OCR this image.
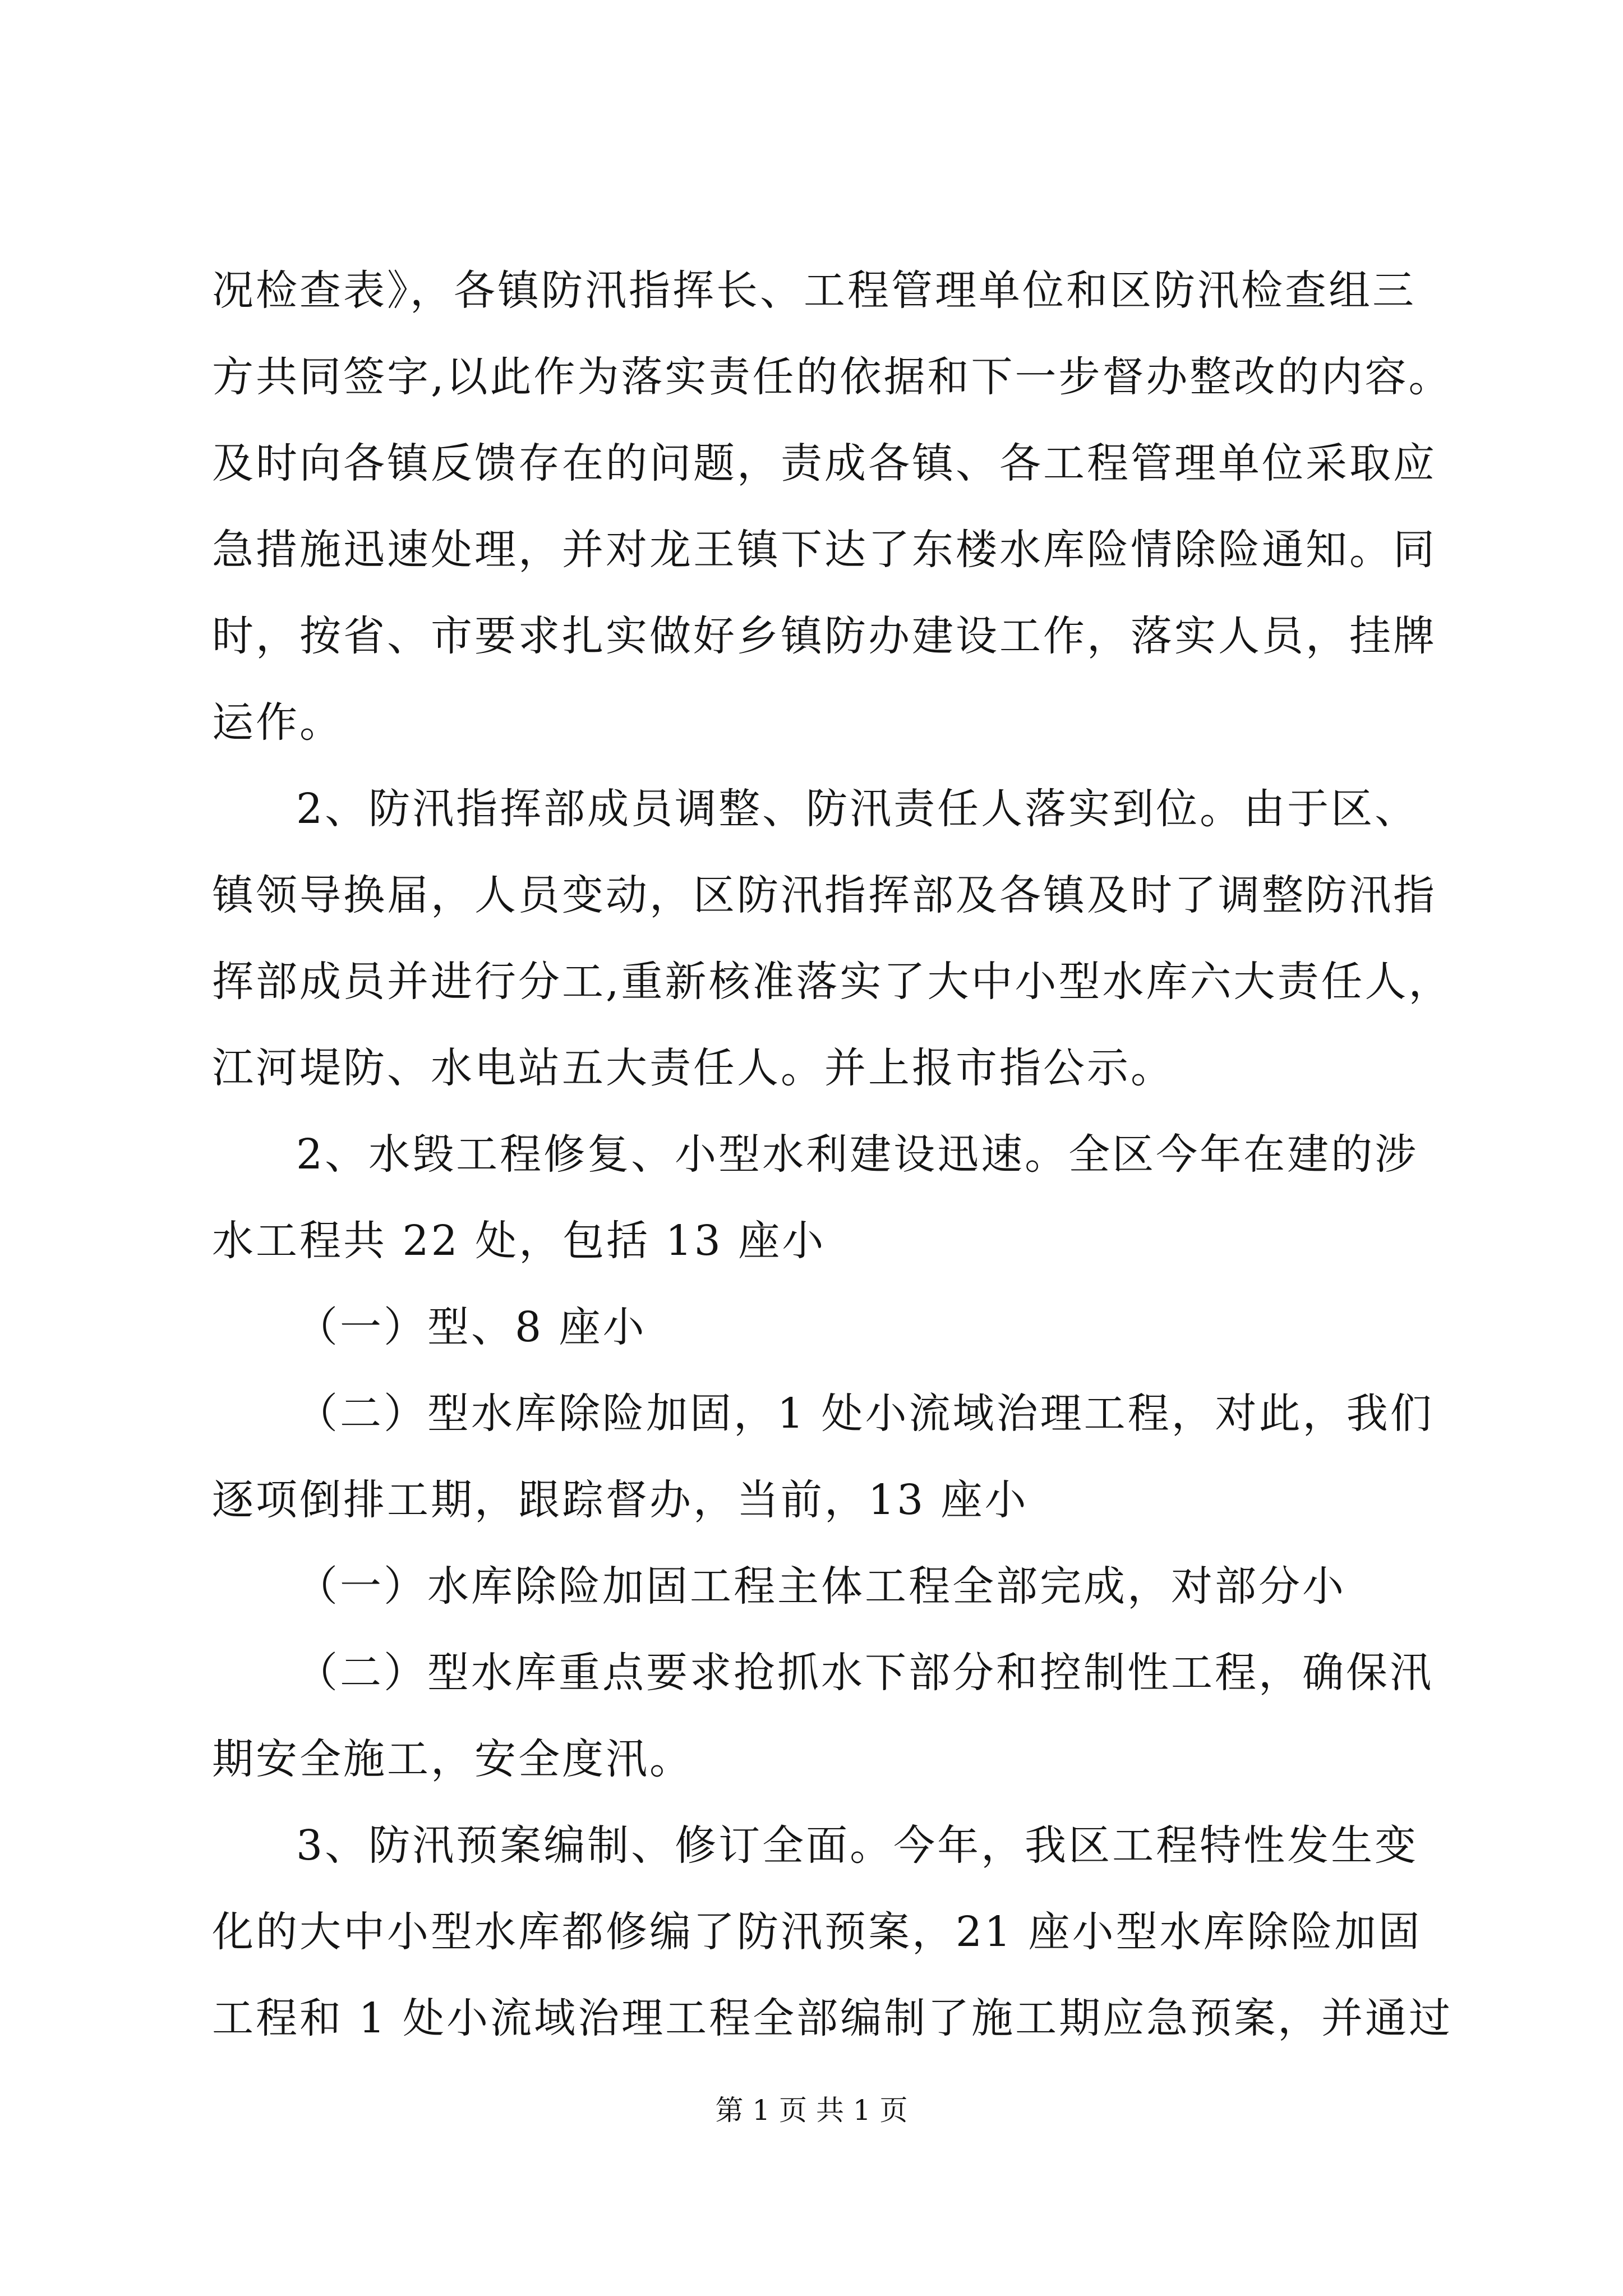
况检查表》，各镇防汛指挥长、工程管理单位和区防汛检查组三
方共同签字,以此作为落实责任的依据和下一步督办整改的内容。
及时向各镇反馈存在的问题，责成各镇、各工程管理单位采取应
急措施迅速处理，并对龙王镇下达了东楼水库险情除险通知。同
时，按省、市要求扎实做好乡镇防办建设工作，落实人员，挂牌
运作。
2、防汛指挥部成员调整、防汛责任人落实到位。由于区、
镇领导换届，人员变动，区防汛指挥部及各镇及时了调整防汛指
挥部成员并进行分工,重新核准落实了大中小型水库六大责任人，
江河堤防、水电站五大责任人。并上报市指公示。
2、水毁工程修复、小型水利建设迅速。全区今年在建的涉
水工程共 22 处，包括 13 座小
（一）型、8 座小
（二）型水库除险加固，1 处小流域治理工程，对此，我们
逐项倒排工期，跟踪督办，当前，13 座小
（一）水库除险加固工程主体工程全部完成，对部分小
（二）型水库重点要求抢抓水下部分和控制性工程，确保汛
期安全施工，安全度汛。
3、防汛预案编制、修订全面。今年，我区工程特性发生变
化的大中小型水库都修编了防汛预案，21 座小型水库除险加固
工程和 1 处小流域治理工程全部编制了施工期应急预案，并通过
第 1 页 共 1 页
